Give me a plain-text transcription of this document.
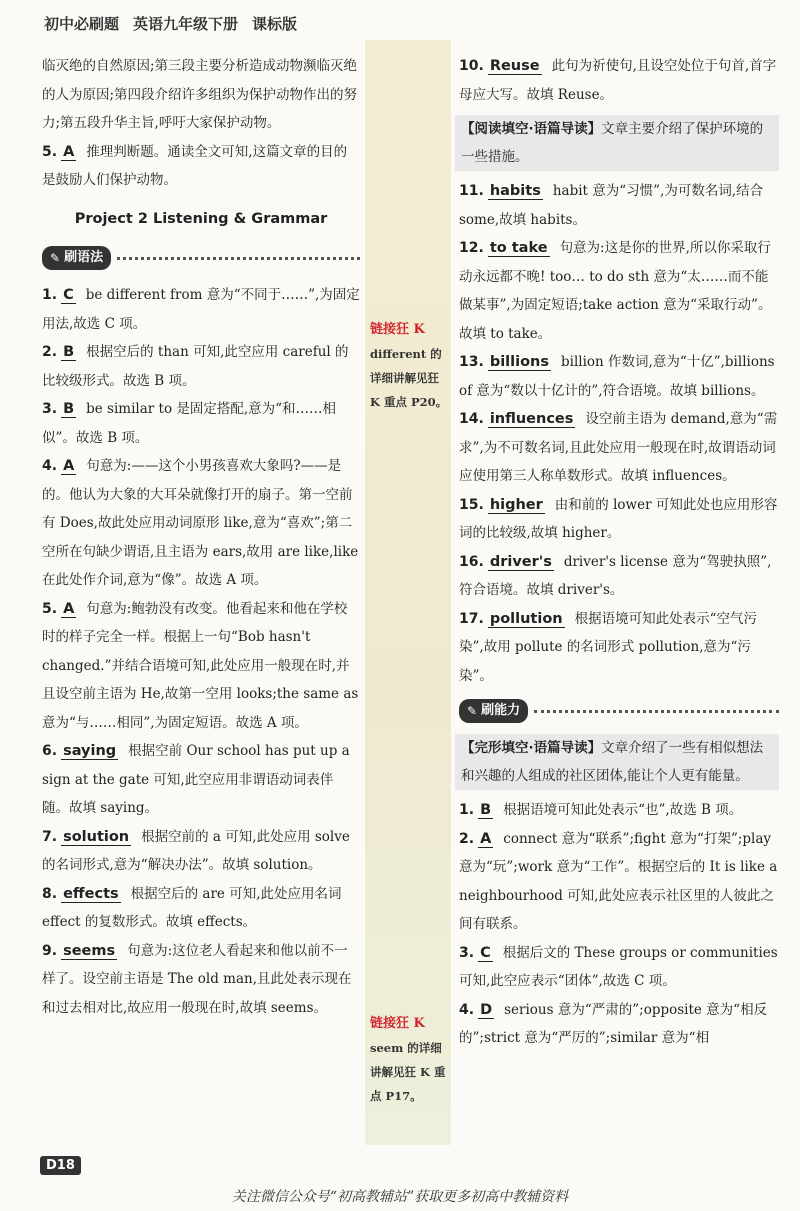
初中必刷题 英语九年级下册 课标版
链接狂 K
different 的详细讲解见狂 K 重点 P20。
链接狂 K
seem 的详细讲解见狂 K 重点 P17。
临灭绝的自然原因;第三段主要分析造成动物濒临灭绝的人为原因;第四段介绍许多组织为保护动物作出的努力;第五段升华主旨,呼吁大家保护动物。
5. A 推理判断题。通读全文可知,这篇文章的目的是鼓励人们保护动物。
Project 2 Listening & Grammar
✎ 刷语法
1. C be different from 意为“不同于……”,为固定用法,故选 C 项。
2. B 根据空后的 than 可知,此空应用 careful 的比较级形式。故选 B 项。
3. B be similar to 是固定搭配,意为“和……相似”。故选 B 项。
4. A 句意为:——这个小男孩喜欢大象吗?——是的。他认为大象的大耳朵就像打开的扇子。第一空前有 Does,故此处应用动词原形 like,意为“喜欢”;第二空所在句缺少谓语,且主语为 ears,故用 are like,like 在此处作介词,意为“像”。故选 A 项。
5. A 句意为:鲍勃没有改变。他看起来和他在学校时的样子完全一样。根据上一句“Bob hasn't changed.”并结合语境可知,此处应用一般现在时,并且设空前主语为 He,故第一空用 looks;the same as 意为“与……相同”,为固定短语。故选 A 项。
6. saying 根据空前 Our school has put up a sign at the gate 可知,此空应用非谓语动词表伴随。故填 saying。
7. solution 根据空前的 a 可知,此处应用 solve 的名词形式,意为“解决办法”。故填 solution。
8. effects 根据空后的 are 可知,此处应用名词 effect 的复数形式。故填 effects。
9. seems 句意为:这位老人看起来和他以前不一样了。设空前主语是 The old man,且此处表示现在和过去相对比,故应用一般现在时,故填 seems。
10. Reuse 此句为祈使句,且设空处位于句首,首字母应大写。故填 Reuse。
【阅读填空·语篇导读】文章主要介绍了保护环境的一些措施。
11. habits habit 意为“习惯”,为可数名词,结合 some,故填 habits。
12. to take 句意为:这是你的世界,所以你采取行动永远都不晚! too… to do sth 意为“太……而不能做某事”,为固定短语;take action 意为“采取行动”。故填 to take。
13. billions billion 作数词,意为“十亿”,billions of 意为“数以十亿计的”,符合语境。故填 billions。
14. influences 设空前主语为 demand,意为“需求”,为不可数名词,且此处应用一般现在时,故谓语动词应使用第三人称单数形式。故填 influences。
15. higher 由和前的 lower 可知此处也应用形容词的比较级,故填 higher。
16. driver's driver's license 意为“驾驶执照”,符合语境。故填 driver's。
17. pollution 根据语境可知此处表示“空气污染”,故用 pollute 的名词形式 pollution,意为“污染”。
✎ 刷能力
【完形填空·语篇导读】文章介绍了一些有相似想法和兴趣的人组成的社区团体,能让个人更有能量。
1. B 根据语境可知此处表示“也”,故选 B 项。
2. A connect 意为“联系”;fight 意为“打架”;play 意为“玩”;work 意为“工作”。根据空后的 It is like a neighbourhood 可知,此处应表示社区里的人彼此之间有联系。
3. C 根据后文的 These groups or communities 可知,此空应表示“团体”,故选 C 项。
4. D serious 意为“严肃的”;opposite 意为“相反的”;strict 意为“严厉的”;similar 意为“相
D18
关注微信公众号“初高教辅站”获取更多初高中教辅资料
